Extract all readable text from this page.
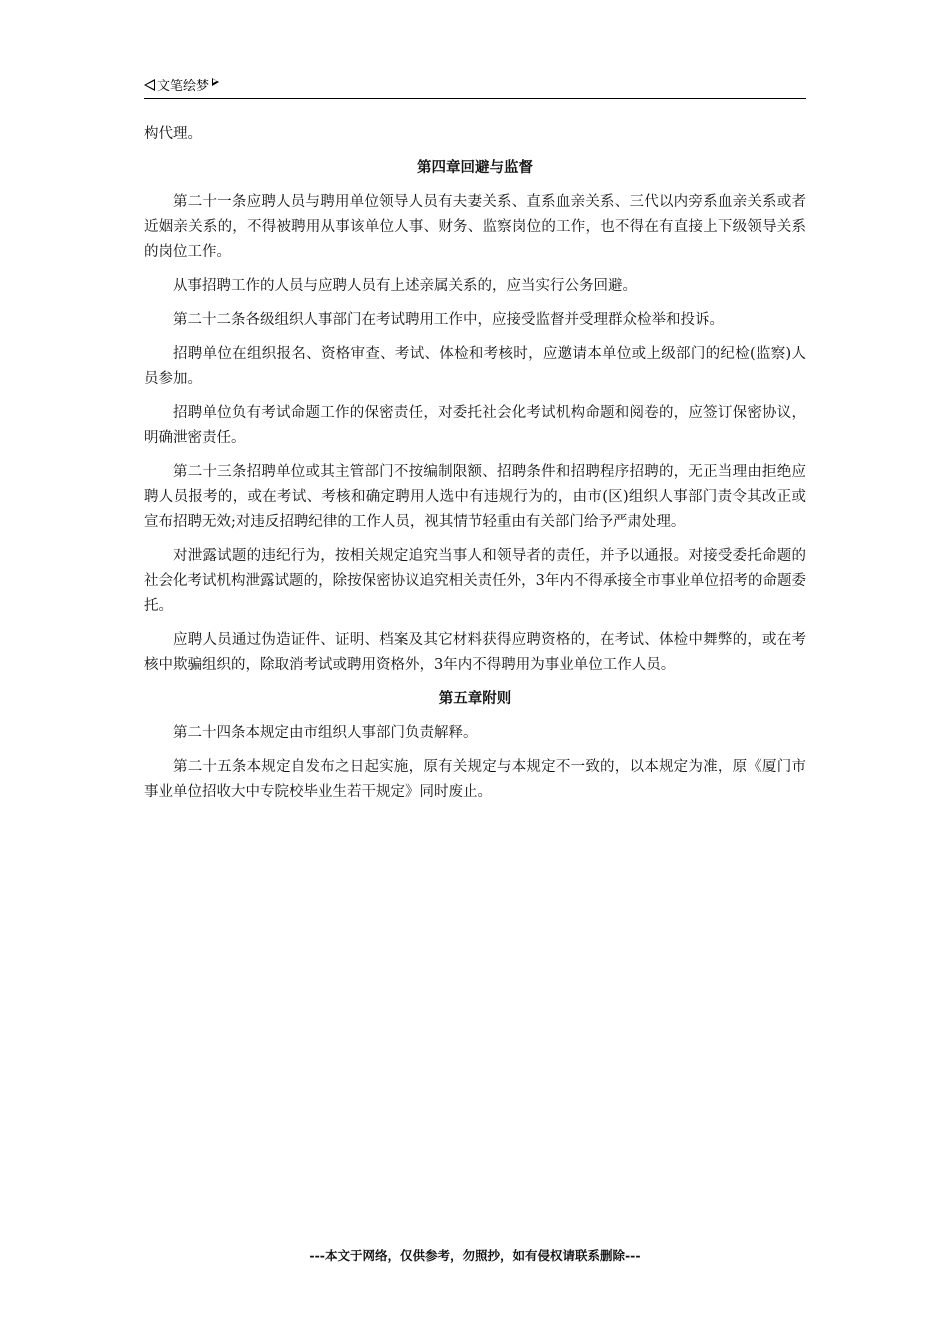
文笔绘梦

构代理。

第四章回避与监督

第二十一条应聘人员与聘用单位领导人员有夫妻关系、直系血亲关系、三代以内旁系血亲关系或者近姻亲关系的，不得被聘用从事该单位人事、财务、监察岗位的工作，也不得在有直接上下级领导关系的岗位工作。

从事招聘工作的人员与应聘人员有上述亲属关系的，应当实行公务回避。

第二十二条各级组织人事部门在考试聘用工作中，应接受监督并受理群众检举和投诉。

招聘单位在组织报名、资格审查、考试、体检和考核时，应邀请本单位或上级部门的纪检(监察)人员参加。

招聘单位负有考试命题工作的保密责任，对委托社会化考试机构命题和阅卷的，应签订保密协议，明确泄密责任。

第二十三条招聘单位或其主管部门不按编制限额、招聘条件和招聘程序招聘的，无正当理由拒绝应聘人员报考的，或在考试、考核和确定聘用人选中有违规行为的，由市(区)组织人事部门责令其改正或宣布招聘无效;对违反招聘纪律的工作人员，视其情节轻重由有关部门给予严肃处理。

对泄露试题的违纪行为，按相关规定追究当事人和领导者的责任，并予以通报。对接受委托命题的社会化考试机构泄露试题的，除按保密协议追究相关责任外，3年内不得承接全市事业单位招考的命题委托。

应聘人员通过伪造证件、证明、档案及其它材料获得应聘资格的，在考试、体检中舞弊的，或在考核中欺骗组织的，除取消考试或聘用资格外，3年内不得聘用为事业单位工作人员。

第五章附则

第二十四条本规定由市组织人事部门负责解释。

第二十五条本规定自发布之日起实施，原有关规定与本规定不一致的，以本规定为准，原《厦门市事业单位招收大中专院校毕业生若干规定》同时废止。

---本文于网络，仅供参考，勿照抄，如有侵权请联系删除---
